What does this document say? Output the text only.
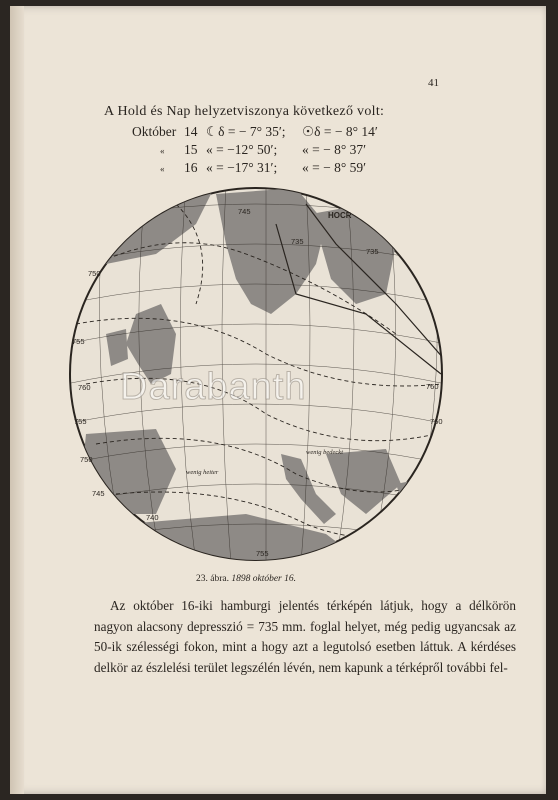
41
A Hold és Nap helyzetviszonya következő volt:
Október 14 ☾δ = − 7° 35′; ☉δ = − 8° 14′
« 15 « = −12° 50′; « = − 8° 37′
« 16 « = −17° 31′; « = − 8° 59′
745
750
755
760
760
755
750
745
740
735
735
755
760
НОСR
wenig heiter
wenig bedeckt
Darabanth
23. ábra. 1898 október 16.

Az október 16-iki hamburgi jelentés térképén látjuk, hogy a délkörön nagyon alacsony depresszió = 735 mm. foglal helyet, még pedig ugyancsak az 50-ik szélességi fokon, mint a hogy azt a legutolsó esetben láttuk. A kérdéses delkör az észlelési terület legszélén lévén, nem kapunk a térképről további fel-
